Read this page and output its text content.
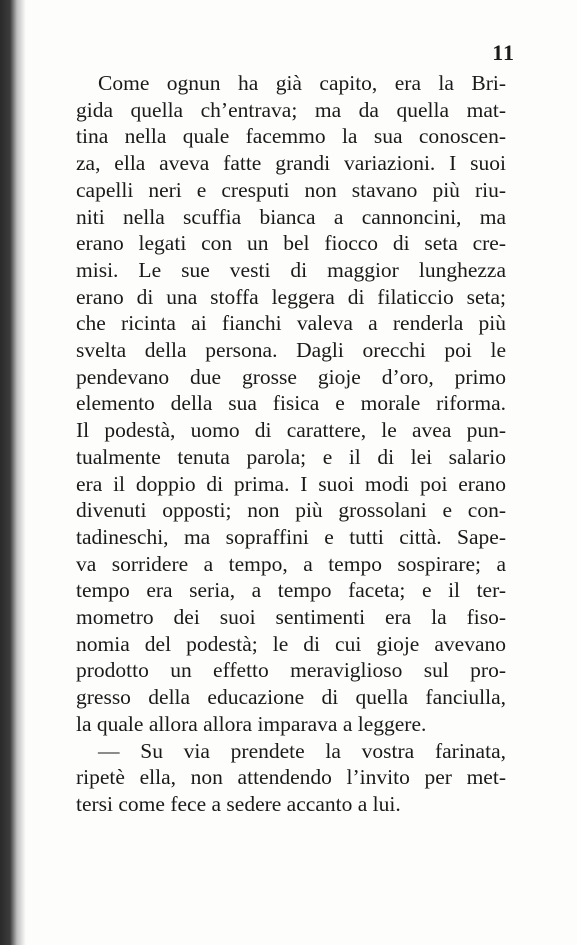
11
Come ognun ha già capito, era la Bri-
gida quella ch’entrava; ma da quella mat-
tina nella quale facemmo la sua conoscen-
za, ella aveva fatte grandi variazioni. I suoi
capelli neri e cresputi non stavano più riu-
niti nella scuffia bianca a cannoncini, ma
erano legati con un bel fiocco di seta cre-
misi. Le sue vesti di maggior lunghezza
erano di una stoffa leggera di filaticcio seta;
che ricinta ai fianchi valeva a renderla più
svelta della persona. Dagli orecchi poi le
pendevano due grosse gioje d’oro, primo
elemento della sua fisica e morale riforma.
Il podestà, uomo di carattere, le avea pun-
tualmente tenuta parola; e il di lei salario
era il doppio di prima. I suoi modi poi erano
divenuti opposti; non più grossolani e con-
tadineschi, ma sopraffini e tutti città. Sape-
va sorridere a tempo, a tempo sospirare; a
tempo era seria, a tempo faceta; e il ter-
mometro dei suoi sentimenti era la fiso-
nomia del podestà; le di cui gioje avevano
prodotto un effetto meraviglioso sul pro-
gresso della educazione di quella fanciulla,
la quale allora allora imparava a leggere.
— Su via prendete la vostra farinata,
ripetè ella, non attendendo l’invito per met-
tersi come fece a sedere accanto a lui.
